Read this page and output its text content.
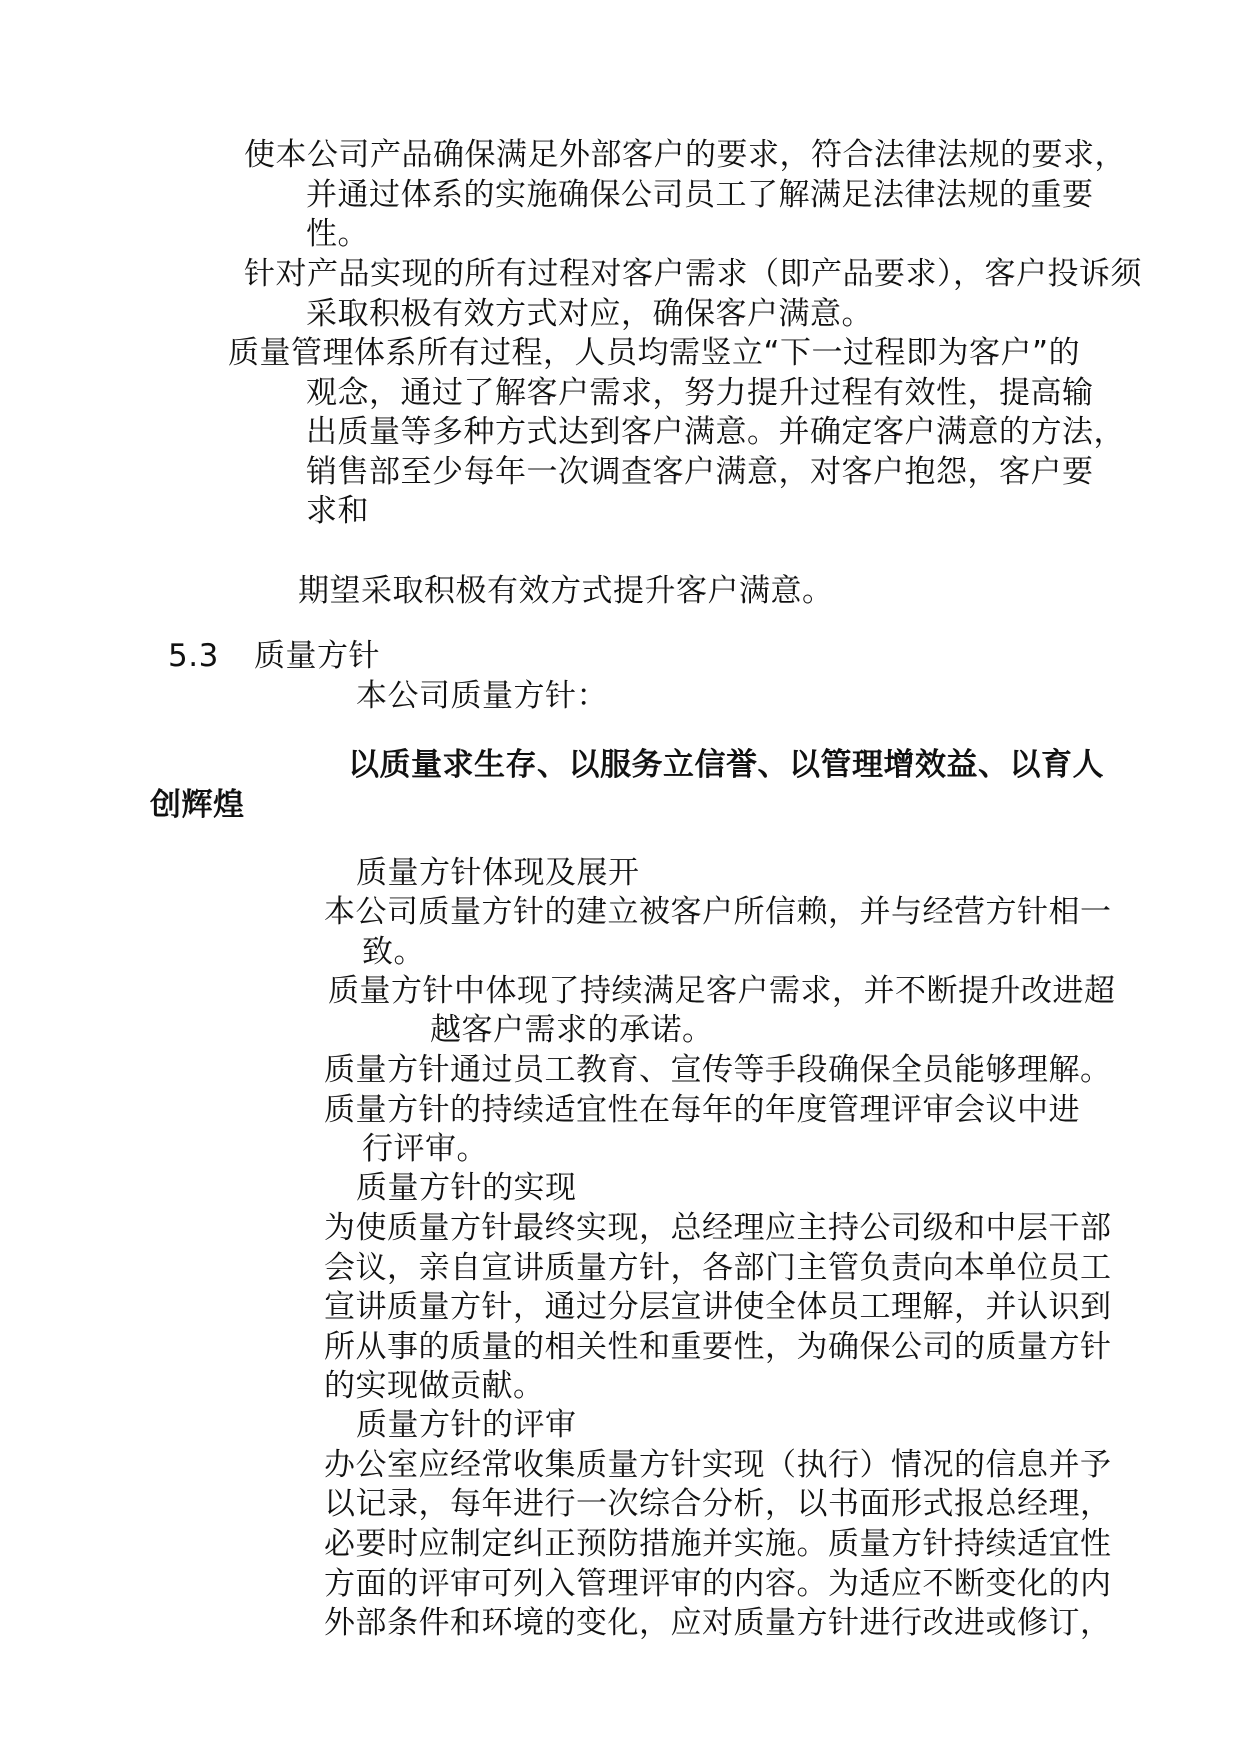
使本公司产品确保满足外部客户的要求，符合法律法规的要求，
并通过体系的实施确保公司员工了解满足法律法规的重要
性。
针对产品实现的所有过程对客户需求（即产品要求），客户投诉须
采取积极有效方式对应，确保客户满意。
质量管理体系所有过程，人员均需竖立“下一过程即为客户”的
观念，通过了解客户需求，努力提升过程有效性，提高输
出质量等多种方式达到客户满意。并确定客户满意的方法，
销售部至少每年一次调查客户满意，对客户抱怨，客户要
求和
期望采取积极有效方式提升客户满意。
5.3 质量方针
本公司质量方针：
以质量求生存、以服务立信誉、以管理增效益、以育人
创辉煌
质量方针体现及展开
本公司质量方针的建立被客户所信赖，并与经营方针相一
致。
质量方针中体现了持续满足客户需求，并不断提升改进超
越客户需求的承诺。
质量方针通过员工教育、宣传等手段确保全员能够理解。
质量方针的持续适宜性在每年的年度管理评审会议中进
行评审。
质量方针的实现
为使质量方针最终实现，总经理应主持公司级和中层干部
会议，亲自宣讲质量方针，各部门主管负责向本单位员工
宣讲质量方针，通过分层宣讲使全体员工理解，并认识到
所从事的质量的相关性和重要性，为确保公司的质量方针
的实现做贡献。
质量方针的评审
办公室应经常收集质量方针实现（执行）情况的信息并予
以记录，每年进行一次综合分析，以书面形式报总经理，
必要时应制定纠正预防措施并实施。质量方针持续适宜性
方面的评审可列入管理评审的内容。为适应不断变化的内
外部条件和环境的变化，应对质量方针进行改进或修订，
